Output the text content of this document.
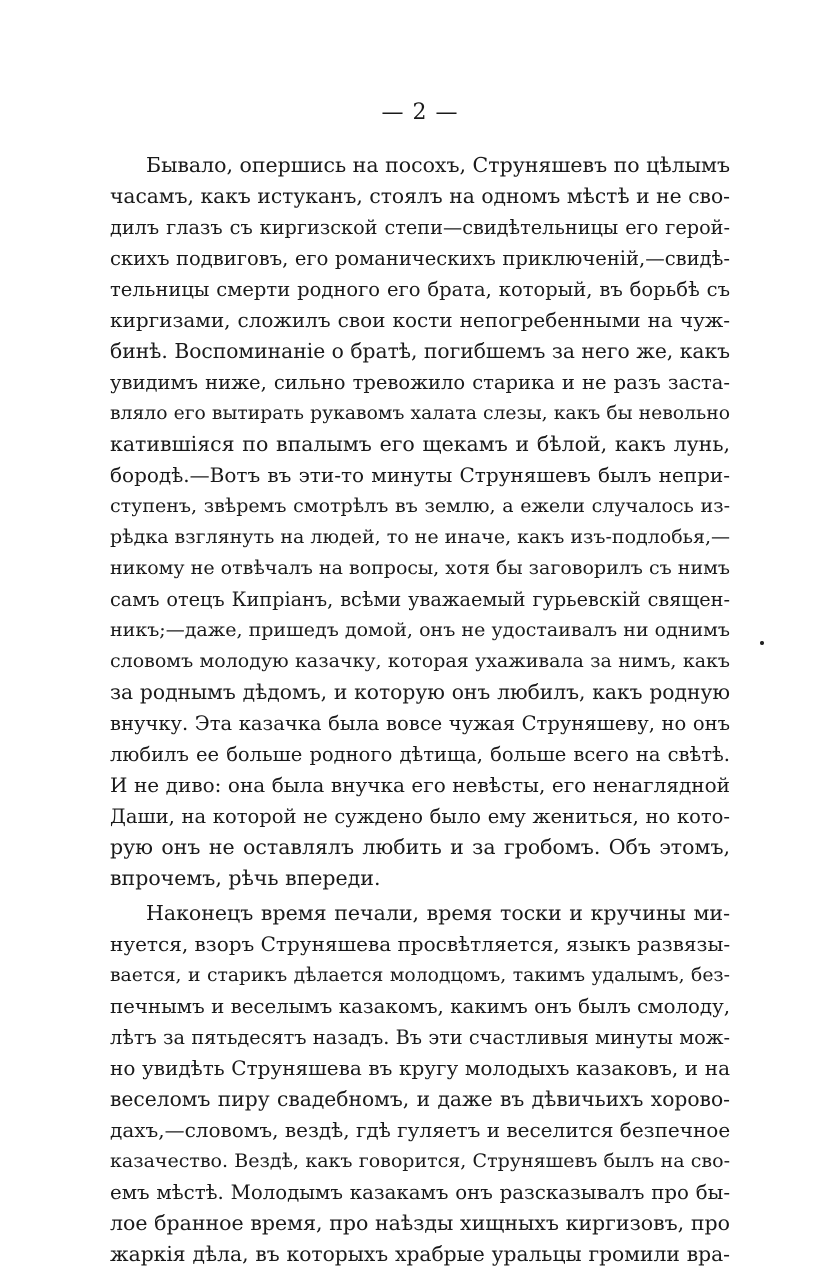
— 2 —
Бывало, опершись на посохъ, Струняшевъ по цѣлымъ
часамъ, какъ истуканъ, стоялъ на одномъ мѣстѣ и не сво-
дилъ глазъ съ киргизской степи—свидѣтельницы его герой-
скихъ подвиговъ, его романическихъ приключеній,—свидѣ-
тельницы смерти родного его брата, который, въ борьбѣ съ
киргизами, сложилъ свои кости непогребенными на чуж-
бинѣ. Воспоминаніе о братѣ, погибшемъ за него же, какъ
увидимъ ниже, сильно тревожило старика и не разъ заста-
вляло его вытирать рукавомъ халата слезы, какъ бы невольно
катившіяся по впалымъ его щекамъ и бѣлой, какъ лунь,
бородѣ.—Вотъ въ эти-то минуты Струняшевъ былъ непри-
ступенъ, звѣремъ смотрѣлъ въ землю, а ежели случалось из-
рѣдка взглянуть на людей, то не иначе, какъ изъ-подлобья,—
никому не отвѣчалъ на вопросы, хотя бы заговорилъ съ нимъ
самъ отецъ Кипріанъ, всѣми уважаемый гурьевскій священ-
никъ;—даже, пришедъ домой, онъ не удостаивалъ ни однимъ
словомъ молодую казачку, которая ухаживала за нимъ, какъ
за роднымъ дѣдомъ, и которую онъ любилъ, какъ родную
внучку. Эта казачка была вовсе чужая Струняшеву, но онъ
любилъ ее больше родного дѣтища, больше всего на свѣтѣ.
И не диво: она была внучка его невѣсты, его ненаглядной
Даши, на которой не суждено было ему жениться, но кото-
рую онъ не оставлялъ любить и за гробомъ. Объ этомъ,
впрочемъ, рѣчь впереди.
Наконецъ время печали, время тоски и кручины ми-
нуется, взоръ Струняшева просвѣтляется, языкъ развязы-
вается, и старикъ дѣлается молодцомъ, такимъ удалымъ, без-
печнымъ и веселымъ казакомъ, какимъ онъ былъ смолоду,
лѣтъ за пятьдесятъ назадъ. Въ эти счастливыя минуты мож-
но увидѣть Струняшева въ кругу молодыхъ казаковъ, и на
веселомъ пиру свадебномъ, и даже въ дѣвичьихъ хорово-
дахъ,—словомъ, вездѣ, гдѣ гуляетъ и веселится безпечное
казачество. Вездѣ, какъ говорится, Струняшевъ былъ на сво-
емъ мѣстѣ. Молодымъ казакамъ онъ разсказывалъ про бы-
лое бранное время, про наѣзды хищныхъ киргизовъ, про
жаркія дѣла, въ которыхъ храбрые уральцы громили вра-
